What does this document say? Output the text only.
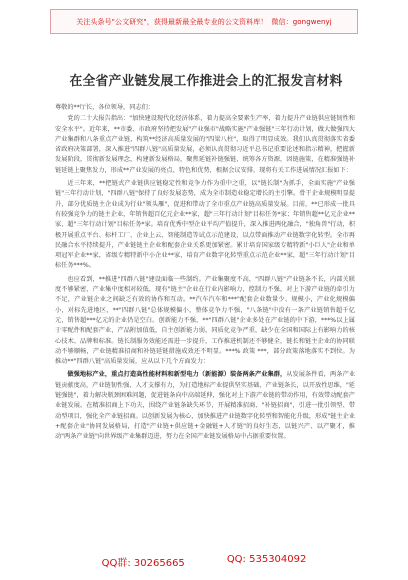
关注头条号"公文研究"，获得最新最全最专业的公文资料库！ 微信：gongwenyj
在全省产业链发展工作推进会上的汇报发言材料
尊敬的**厅长，各位领导，同志们：

党的二十大报告指出："加快建设现代化经济体系，着力提高全要素生产率，着力提升产业链供应链韧性和安全水平"。近年来，**市委、市政府坚持把发展"产业强市"战略实施"产业强链"三年行动计划，做大做强四大产业集群和八条重点产业链，构筑**经济高质量发展的"四梁八柱"，取得了明显成效。我们认真贯彻落实省委省政府决策部署，深入推进"四群八链"高质量发展，必须认真贯彻习近平总书记重要论述和指示精神，把握新发展阶段，贯彻新发展理念，构建新发展格局，聚焦延链补链强链，统筹各方资源，因链施策，在精准强链补链延链上聚焦发力，形成**产业发展的亮点、特色和优势，根据会议安排，现将有关工作进展情况汇报如下：

近三年来，**把链式产业链供应链稳定性和竞争力作为重中之重，以"链长制"为抓手，全面实施"产业强链"三年行动计划，"四群八链"保持了良好发展态势，成为全市制造业稳定增长的主引擎。骨干企业规模明显提升，部分优质链主企业成为行业"领头雁"，促进和带动了全市重点产业链高质量发展。目前，**已形成一批具有较强竞争力的链主企业，年销售超百亿元企业**家，超"三年行动计划"目标任务*家；年销售超**亿元企业**家，超"三年行动计划"目标任务*家。培育优秀中型企业平均产值提升，深入推进两化融合，"独角兽"行动，积极开展重点平台、标杆工厂、企业上云、智能制造等试点示范建设，以点带面推动产业链数字化转型。全市再民融合水平持续提升，产业链链主企业和配套企业关系更加紧密。累计培育国家级专精特新"小巨人"企业和单项冠军企业**家，省级专精特新中小企业**家，培育产业数字化转型重点示范企业**家，超"三年行动计划"目标任务***%。

也应看到，**推进"四群八链"建设面临一些制约。产业集聚度不高，"四群八链"产业链条不长，内部关联度不够紧密，产业集中度相对较低，现有"链主"企业在行业内影响力，控制力不强，对上下游产业链的牵引力不足，产业链企业之间缺乏有效的协作和互动。**汽车汽车和***"配套企业数量少、规模小，产业化规模偏小，对标先进地区，**"四群八链"总体规模偏小，整体竞争力不强，"八条链"中没有一条产业链销售超千亿元，销售超***亿元的企业仍是空白。创新能力不强，**"四群八链"企业多处在产业链的中下游，***%以上属于零配件和配套产业，产品附加值低，自主创新能力弱，同质化竞争严重，缺少在全国和国际上有影响力的核心技术、品牌和标准。链长制服务效能还需进一步提升，工作推进机制还不够健全，链长和链主企业的协同联动不够顺畅，产业链精准招商和补链延链措施成效还不明显。***% 政策 ***，部分政策落地落实不到位。为推动**"四群八链"高质量发展，应从以下几个方面发力：

做强地标产业，重点打造高性能材料和新型电力（新能源）装备两条产业集群，从发展条件看，两条产业链贡献度高，产业链韧性强，人才支撑有力，为打造地标产业提供坚实基础，产业链条长，以开放性思维，"延链强链"，着力解决瓶颈困难问题，促进链条向中高端延伸，强化对上下游产业链的带动作用，有效带动配套产业链发展。在精准招商上下功夫，围绕产业链条缺失环节，开展精准招商、"补链招商"，引进一批引领型、带动型项目，强化全产业链招商。以创新发展为核心，加快推进产业链数字化转型和智能化升级，形成"链主企业+配套企业"协同发展格局，打造"产业链+供应链+金融链+人才链"的良好生态，以链兴产、以产聚才，推动"两条产业链"向世界级产业集群迈进，努力在全国产业链发展格局中占据重要位置。

QQ群: 30265665	QQ: 535304092
